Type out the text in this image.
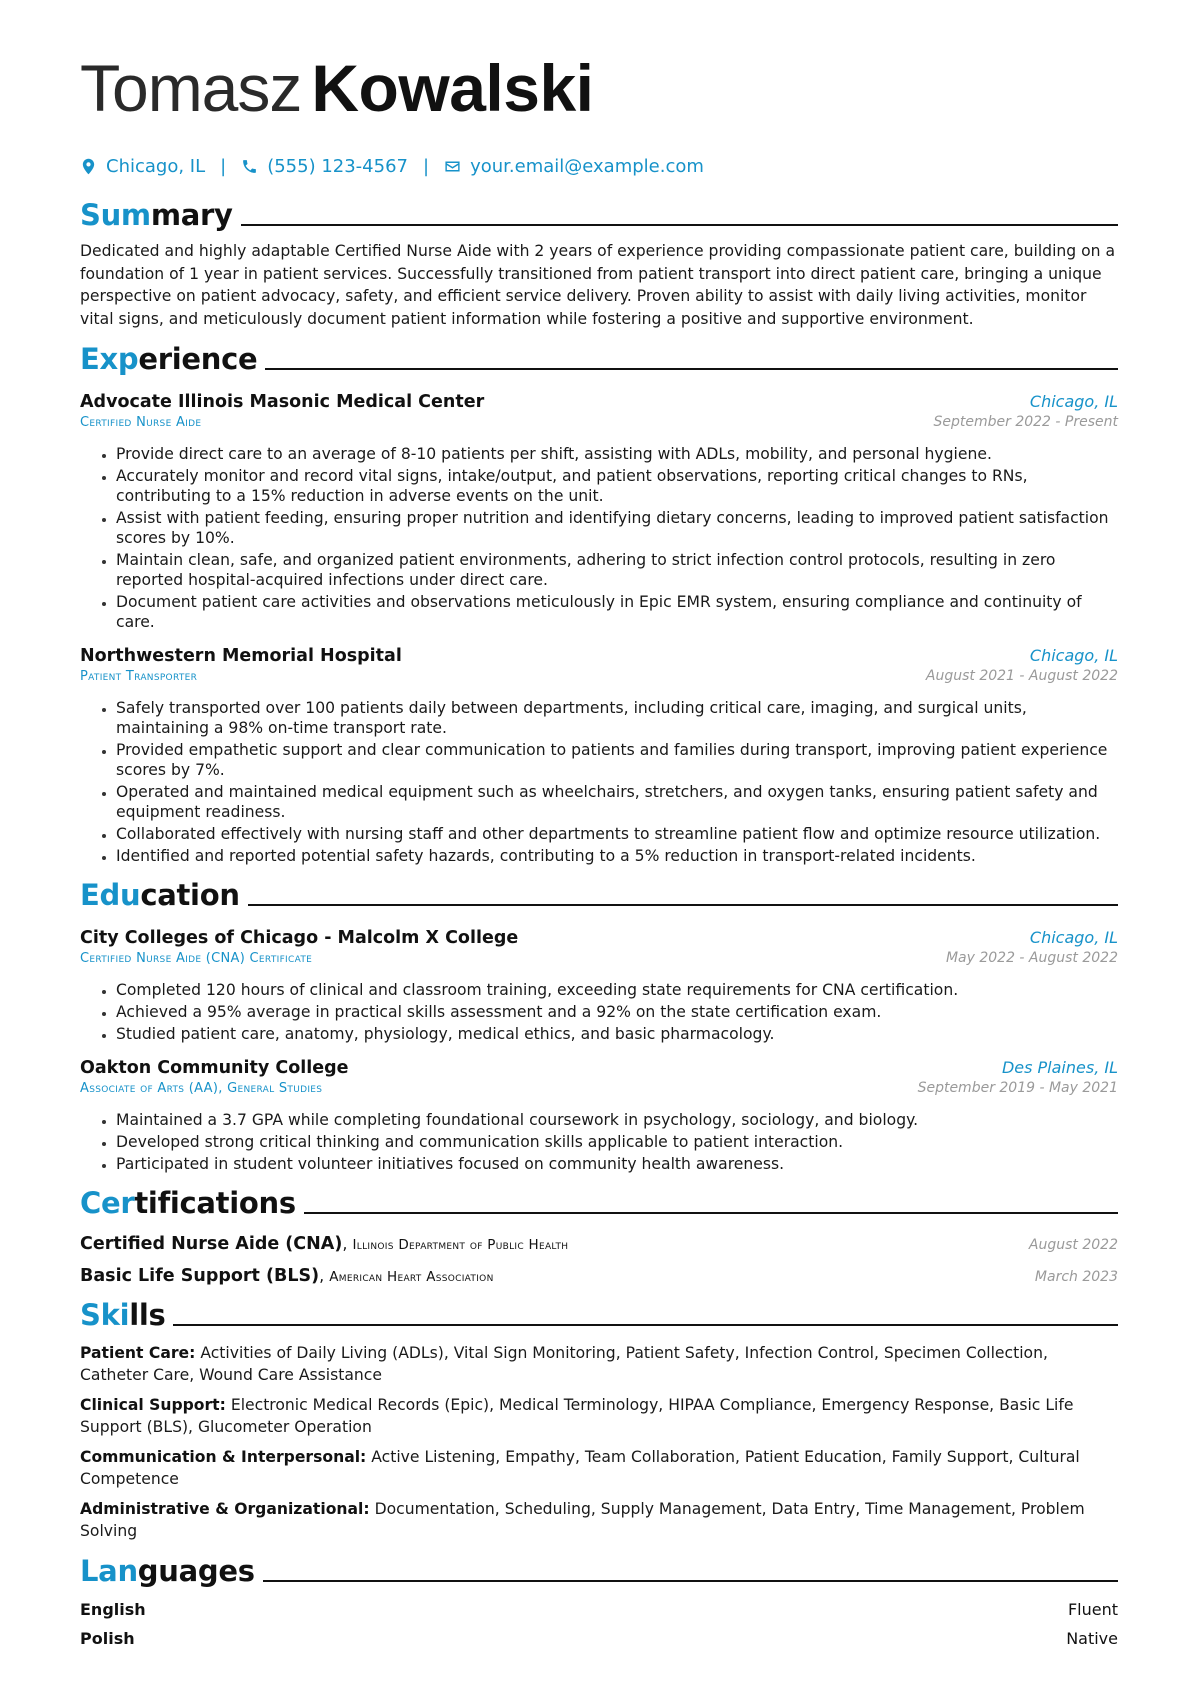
Tomasz Kowalski
Chicago, IL | (555) 123-4567 | your.email@example.com
Summary

Dedicated and highly adaptable Certified Nurse Aide with 2 years of experience providing compassionate patient care, building on a foundation of 1 year in patient services. Successfully transitioned from patient transport into direct patient care, bringing a unique perspective on patient advocacy, safety, and efficient service delivery. Proven ability to assist with daily living activities, monitor vital signs, and meticulously document patient information while fostering a positive and supportive environment.

Experience
Advocate Illinois Masonic Medical Center	Chicago, IL
Certified Nurse Aide	September 2022 - Present
• Provide direct care to an average of 8-10 patients per shift, assisting with ADLs, mobility, and personal hygiene.
• Accurately monitor and record vital signs, intake/output, and patient observations, reporting critical changes to RNs, contributing to a 15% reduction in adverse events on the unit.
• Assist with patient feeding, ensuring proper nutrition and identifying dietary concerns, leading to improved patient satisfaction scores by 10%.
• Maintain clean, safe, and organized patient environments, adhering to strict infection control protocols, resulting in zero reported hospital-acquired infections under direct care.
• Document patient care activities and observations meticulously in Epic EMR system, ensuring compliance and continuity of care.
Northwestern Memorial Hospital	Chicago, IL
Patient Transporter	August 2021 - August 2022
• Safely transported over 100 patients daily between departments, including critical care, imaging, and surgical units, maintaining a 98% on-time transport rate.
• Provided empathetic support and clear communication to patients and families during transport, improving patient experience scores by 7%.
• Operated and maintained medical equipment such as wheelchairs, stretchers, and oxygen tanks, ensuring patient safety and equipment readiness.
• Collaborated effectively with nursing staff and other departments to streamline patient flow and optimize resource utilization.
• Identified and reported potential safety hazards, contributing to a 5% reduction in transport-related incidents.
Education
City Colleges of Chicago - Malcolm X College	Chicago, IL
Certified Nurse Aide (CNA) Certificate	May 2022 - August 2022
• Completed 120 hours of clinical and classroom training, exceeding state requirements for CNA certification.
• Achieved a 95% average in practical skills assessment and a 92% on the state certification exam.
• Studied patient care, anatomy, physiology, medical ethics, and basic pharmacology.
Oakton Community College	Des Plaines, IL
Associate of Arts (AA), General Studies	September 2019 - May 2021
• Maintained a 3.7 GPA while completing foundational coursework in psychology, sociology, and biology.
• Developed strong critical thinking and communication skills applicable to patient interaction.
• Participated in student volunteer initiatives focused on community health awareness.
Certifications
Certified Nurse Aide (CNA), Illinois Department of Public Health	August 2022
Basic Life Support (BLS), American Heart Association	March 2023
Skills
Patient Care: Activities of Daily Living (ADLs), Vital Sign Monitoring, Patient Safety, Infection Control, Specimen Collection, Catheter Care, Wound Care Assistance
Clinical Support: Electronic Medical Records (Epic), Medical Terminology, HIPAA Compliance, Emergency Response, Basic Life Support (BLS), Glucometer Operation
Communication & Interpersonal: Active Listening, Empathy, Team Collaboration, Patient Education, Family Support, Cultural Competence
Administrative & Organizational: Documentation, Scheduling, Supply Management, Data Entry, Time Management, Problem Solving
Languages
English	Fluent
Polish	Native
